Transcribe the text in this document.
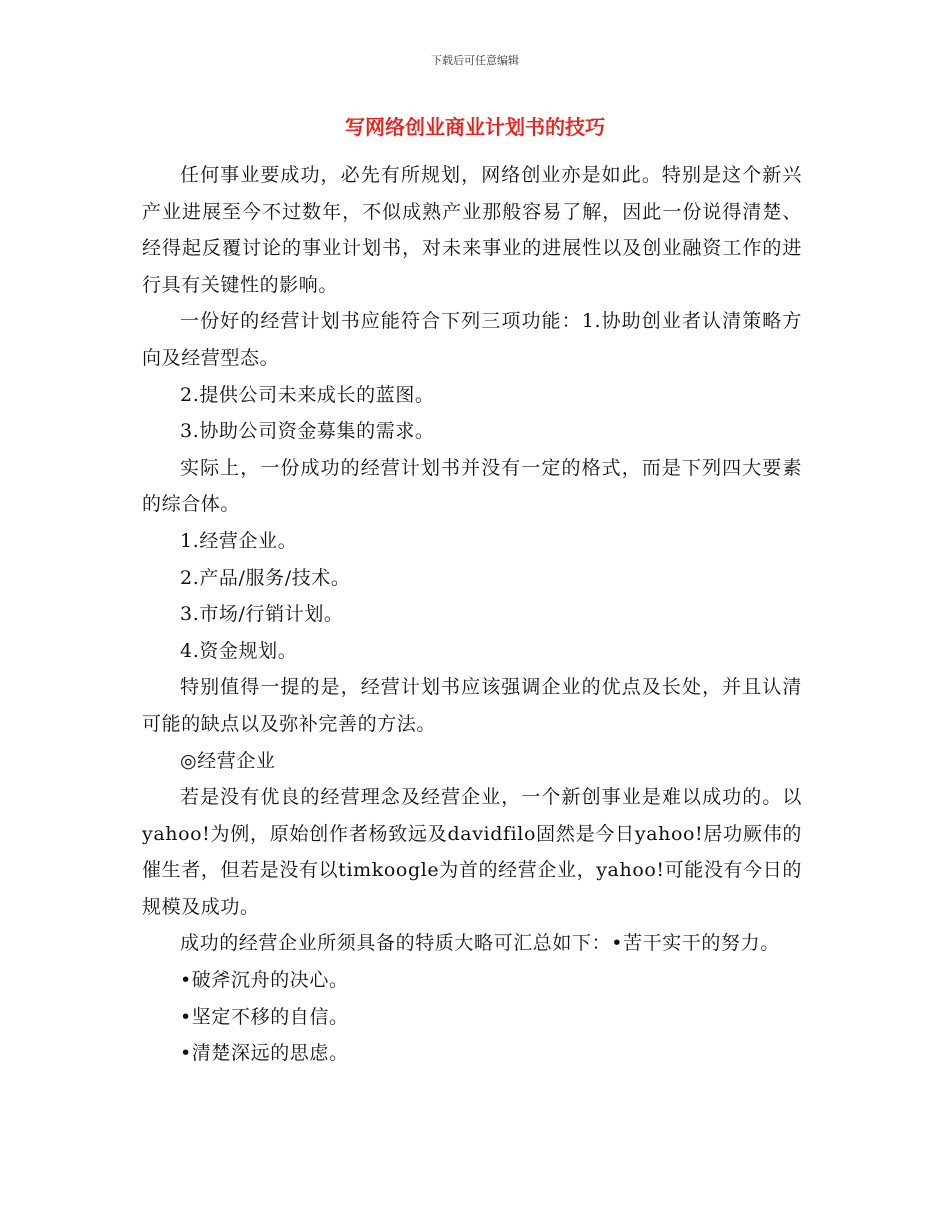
下载后可任意编辑
写网络创业商业计划书的技巧

任何事业要成功，必先有所规划，网络创业亦是如此。特别是这个新兴产业进展至今不过数年，不似成熟产业那般容易了解，因此一份说得清楚、经得起反覆讨论的事业计划书，对未来事业的进展性以及创业融资工作的进行具有关键性的影响。

一份好的经营计划书应能符合下列三项功能：1.协助创业者认清策略方向及经营型态。

2.提供公司未来成长的蓝图。

3.协助公司资金募集的需求。

实际上，一份成功的经营计划书并没有一定的格式，而是下列四大要素的综合体。

1.经营企业。

2.产品/服务/技术。

3.市场/行销计划。

4.资金规划。

特别值得一提的是，经营计划书应该强调企业的优点及长处，并且认清可能的缺点以及弥补完善的方法。

◎经营企业

若是没有优良的经营理念及经营企业，一个新创事业是难以成功的。以yahoo!为例，原始创作者杨致远及davidfilo固然是今日yahoo!居功厥伟的催生者，但若是没有以timkoogle为首的经营企业，yahoo!可能没有今日的规模及成功。

成功的经营企业所须具备的特质大略可汇总如下：•苦干实干的努力。

•破斧沉舟的决心。

•坚定不移的自信。

•清楚深远的思虑。
